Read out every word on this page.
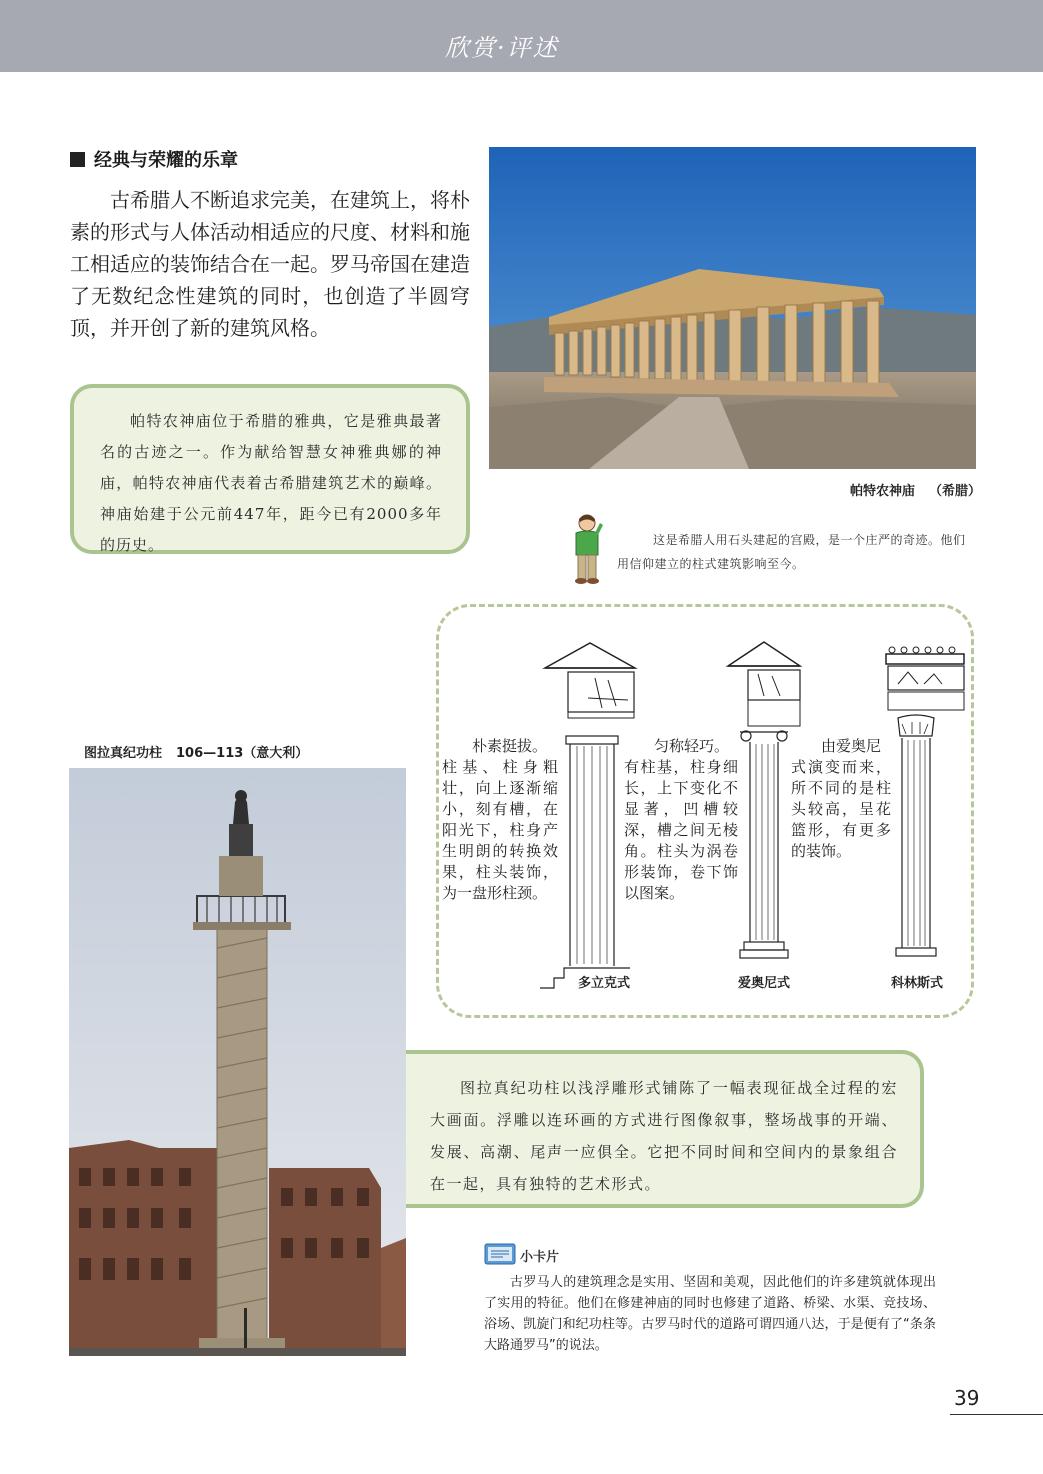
欣赏·评述
经典与荣耀的乐章
古希腊人不断追求完美，在建筑上，将朴素的形式与人体活动相适应的尺度、材料和施工相适应的装饰结合在一起。罗马帝国在建造了无数纪念性建筑的同时，也创造了半圆穹顶，并开创了新的建筑风格。

帕特农神庙位于希腊的雅典，它是雅典最著名的古迹之一。作为献给智慧女神雅典娜的神庙，帕特农神庙代表着古希腊建筑艺术的巅峰。神庙始建于公元前447年，距今已有2000多年的历史。

帕特农神庙 （希腊）
这是希腊人用石头建起的宫殿，是一个庄严的奇迹。他们用信仰建立的柱式建筑影响至今。
朴素挺拔。
柱基、柱身粗壮，向上逐渐缩小，刻有槽，在阳光下，柱身产生明朗的转换效果，柱头装饰，为一盘形柱颈。
多立克式
匀称轻巧。
有柱基，柱身细长，上下变化不显著，凹槽较深，槽之间无棱角。柱头为涡卷形装饰，卷下饰以图案。
爱奥尼式
由爱奥尼
式演变而来，所不同的是柱头较高，呈花篮形，有更多的装饰。
科林斯式
图拉真纪功柱 106—113（意大利）

图拉真纪功柱以浅浮雕形式铺陈了一幅表现征战全过程的宏大画面。浮雕以连环画的方式进行图像叙事，整场战事的开端、发展、高潮、尾声一应俱全。它把不同时间和空间内的景象组合在一起，具有独特的艺术形式。

小卡片
古罗马人的建筑理念是实用、坚固和美观，因此他们的许多建筑就体现出了实用的特征。他们在修建神庙的同时也修建了道路、桥梁、水渠、竞技场、浴场、凯旋门和纪功柱等。古罗马时代的道路可谓四通八达，于是便有了“条条大路通罗马”的说法。
39
